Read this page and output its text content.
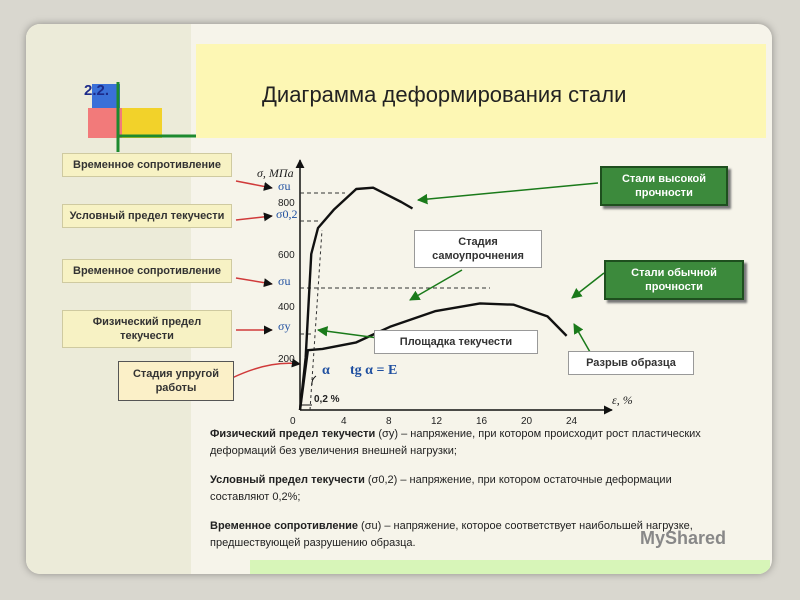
2.2.	Диаграмма деформирования стали
σ, МПа
ε, %
0	4	8	12	16	20	24
200
400
600
800
σu
σ0,2
σu
σy
0,2 %
α tg α = E
Временное сопротивление
Условный предел текучести
Временное сопротивление
Физический предел текучести
Стадия упругой работы
Стали высокой прочности
Стадия самоупрочнения
Стали обычной прочности
Площадка текучести
Разрыв образца

Физический предел текучести (σу) – напряжение, при котором происходит рост пластических деформаций без увеличения внешней нагрузки;

Условный предел текучести (σ0,2) – напряжение, при котором остаточные деформации составляют 0,2%;

Временное сопротивление (σu) – напряжение, которое соответствует наибольшей нагрузке, предшествующей разрушению образца.	MyShared
